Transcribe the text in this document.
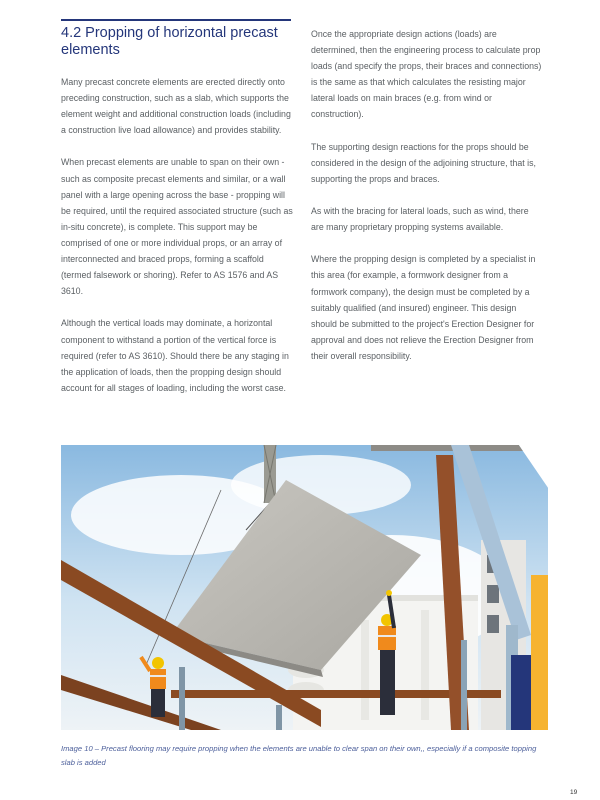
4.2 Propping of horizontal precast elements

Many precast concrete elements are erected directly onto preceding construction, such as a slab, which supports the element weight and additional construction loads (including a construction live load allowance) and provides stability.

When precast elements are unable to span on their own - such as composite precast elements and similar, or a wall panel with a large opening across the base - propping will be required, until the required associated structure (such as in-situ concrete), is complete. This support may be comprised of one or more individual props, or an array of interconnected and braced props, forming a scaffold (termed falsework or shoring). Refer to AS 1576 and AS 3610.

Although the vertical loads may dominate, a horizontal component to withstand a portion of the vertical force is required (refer to AS 3610). Should there be any staging in the application of loads, then the propping design should account for all stages of loading, including the worst case.

Once the appropriate design actions (loads) are determined, then the engineering process to calculate prop loads (and specify the props, their braces and connections) is the same as that which calculates the resisting major lateral loads on main braces (e.g. from wind or construction).

The supporting design reactions for the props should be considered in the design of the adjoining structure, that is, supporting the props and braces.

As with the bracing for lateral loads, such as wind, there are many proprietary propping systems available.

Where the propping design is completed by a specialist in this area (for example, a formwork designer from a formwork company), the design must be completed by a suitably qualified (and insured) engineer. This design should be submitted to the project's Erection Designer for approval and does not relieve the Erection Designer from their overall responsibility.

Image 10 – Precast flooring may require propping when the elements are unable to clear span on their own,, especially if a composite topping slab is added
19
